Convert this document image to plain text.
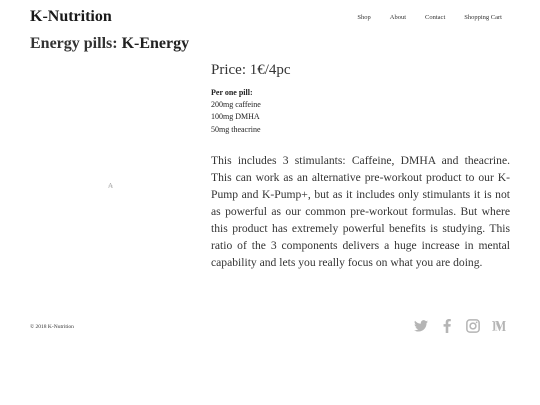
K-Nutrition	Shop	About	Contact	Shopping Cart
Energy pills: K-Energy
₳
Price: 1€/4pc
Per one pill:
200mg caffeine
100mg DMHA
50mg theacrine

This includes 3 stimulants: Caffeine, DMHA and theacrine. This can work as an alternative pre-workout product to our K-Pump and K-Pump+, but as it includes only stimulants it is not as powerful as our common pre-workout formulas. But where this product has extremely powerful benefits is studying. This ratio of the 3 components delivers a huge increase in mental capability and lets you really focus on what you are doing.

© 2018 K-Nutrition
